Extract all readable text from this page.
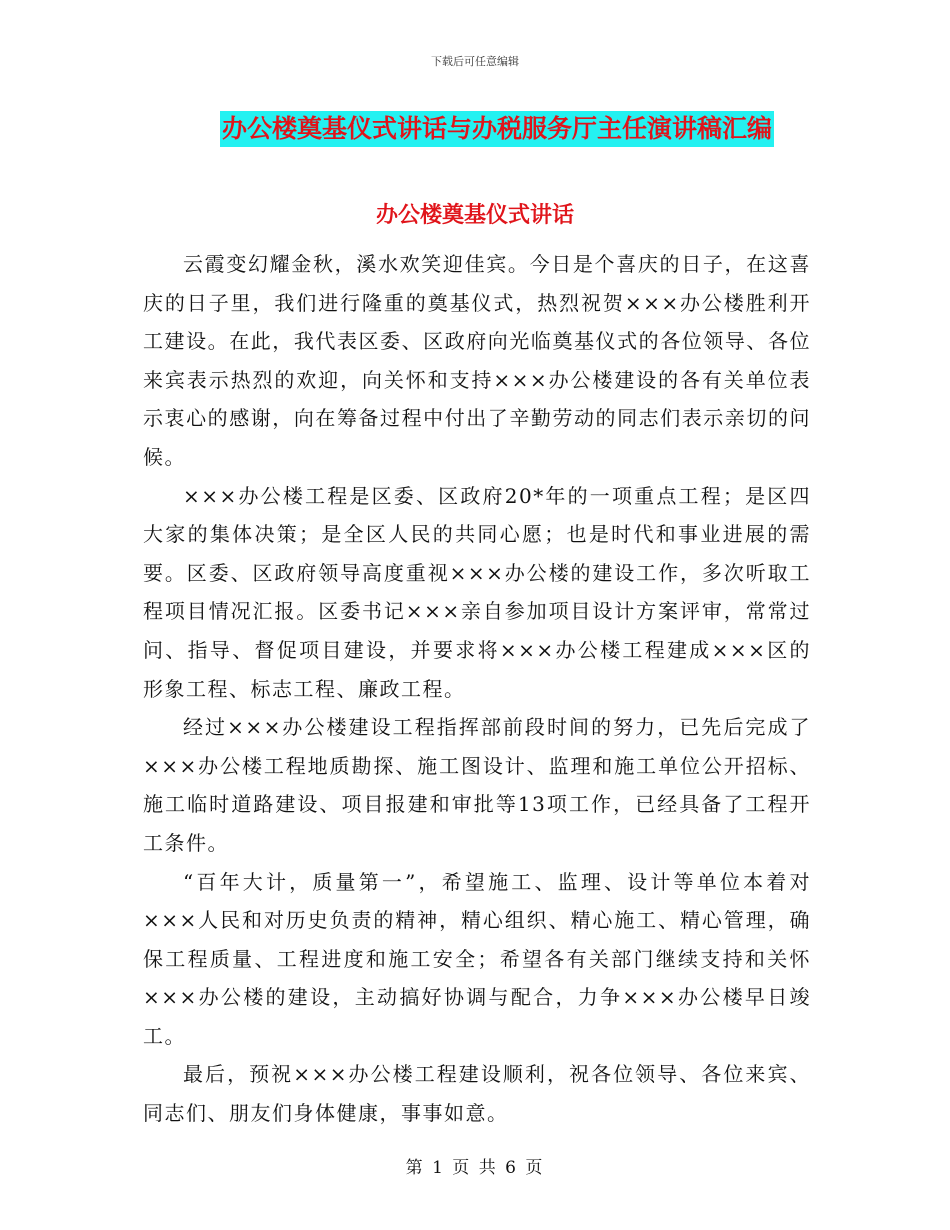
下载后可任意编辑
办公楼奠基仪式讲话与办税服务厅主任演讲稿汇编
办公楼奠基仪式讲话

云霞变幻耀金秋，溪水欢笑迎佳宾。今日是个喜庆的日子，在这喜庆的日子里，我们进行隆重的奠基仪式，热烈祝贺×××办公楼胜利开工建设。在此，我代表区委、区政府向光临奠基仪式的各位领导、各位来宾表示热烈的欢迎，向关怀和支持×××办公楼建设的各有关单位表示衷心的感谢，向在筹备过程中付出了辛勤劳动的同志们表示亲切的问候。

×××办公楼工程是区委、区政府20*年的一项重点工程；是区四大家的集体决策；是全区人民的共同心愿；也是时代和事业进展的需要。区委、区政府领导高度重视×××办公楼的建设工作，多次听取工程项目情况汇报。区委书记×××亲自参加项目设计方案评审，常常过问、指导、督促项目建设，并要求将×××办公楼工程建成×××区的形象工程、标志工程、廉政工程。

经过×××办公楼建设工程指挥部前段时间的努力，已先后完成了×××办公楼工程地质勘探、施工图设计、监理和施工单位公开招标、施工临时道路建设、项目报建和审批等13项工作，已经具备了工程开工条件。

“百年大计，质量第一”，希望施工、监理、设计等单位本着对×××人民和对历史负责的精神，精心组织、精心施工、精心管理，确保工程质量、工程进度和施工安全；希望各有关部门继续支持和关怀×××办公楼的建设，主动搞好协调与配合，力争×××办公楼早日竣工。

最后，预祝×××办公楼工程建设顺利，祝各位领导、各位来宾、同志们、朋友们身体健康，事事如意。

第 1 页 共 6 页
